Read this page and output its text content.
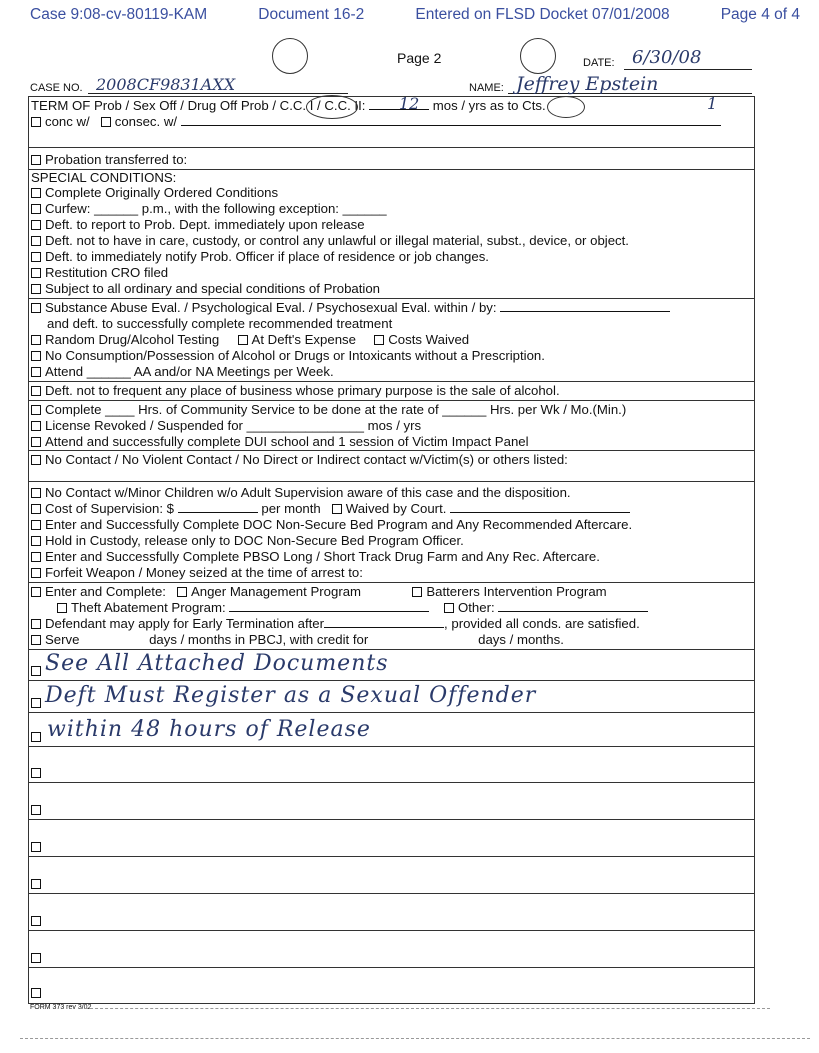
Case 9:08-cv-80119-KAM	Document 16-2	Entered on FLSD Docket 07/01/2008	Page 4 of 4
Page 2	DATE: 6/30/08
CASE NO. 2008CF9831AXX	NAME: Jeffrey Epstein
TERM OF Prob / Sex Off / Drug Off Prob / C.C. I / C.C. II: 12 mos / yrs as to Cts.	1
conc w/ consec. w/
Probation transferred to:
SPECIAL CONDITIONS:
Complete Originally Ordered Conditions
Curfew: ______ p.m., with the following exception: ______
Deft. to report to Prob. Dept. immediately upon release
Deft. not to have in care, custody, or control any unlawful or illegal material, subst., device, or object.
Deft. to immediately notify Prob. Officer if place of residence or job changes.
Restitution CRO filed
Subject to all ordinary and special conditions of Probation
Substance Abuse Eval. / Psychological Eval. / Psychosexual Eval. within / by:
and deft. to successfully complete recommended treatment
Random Drug/Alcohol Testing At Deft's Expense Costs Waived
No Consumption/Possession of Alcohol or Drugs or Intoxicants without a Prescription.
Attend ______ AA and/or NA Meetings per Week.
Deft. not to frequent any place of business whose primary purpose is the sale of alcohol.
Complete ____ Hrs. of Community Service to be done at the rate of ______ Hrs. per Wk / Mo.(Min.)
License Revoked / Suspended for ________________ mos / yrs
Attend and successfully complete DUI school and 1 session of Victim Impact Panel
No Contact / No Violent Contact / No Direct or Indirect contact w/Victim(s) or others listed:
No Contact w/Minor Children w/o Adult Supervision aware of this case and the disposition.
Cost of Supervision: $	per month Waived by Court.
Enter and Successfully Complete DOC Non-Secure Bed Program and Any Recommended Aftercare.
Hold in Custody, release only to DOC Non-Secure Bed Program Officer.
Enter and Successfully Complete PBSO Long / Short Track Drug Farm and Any Rec. Aftercare.
Forfeit Weapon / Money seized at the time of arrest to:
Enter and Complete: Anger Management Program	Batterers Intervention Program
Theft Abatement Program:	Other:
Defendant may apply for Early Termination after	, provided all conds. are satisfied.
Serve	days / months in PBCJ, with credit for	days / months.
See All Attached Documents
Deft Must Register as a Sexual Offender
within 48 hours of Release
FORM 373 rev 3/02
